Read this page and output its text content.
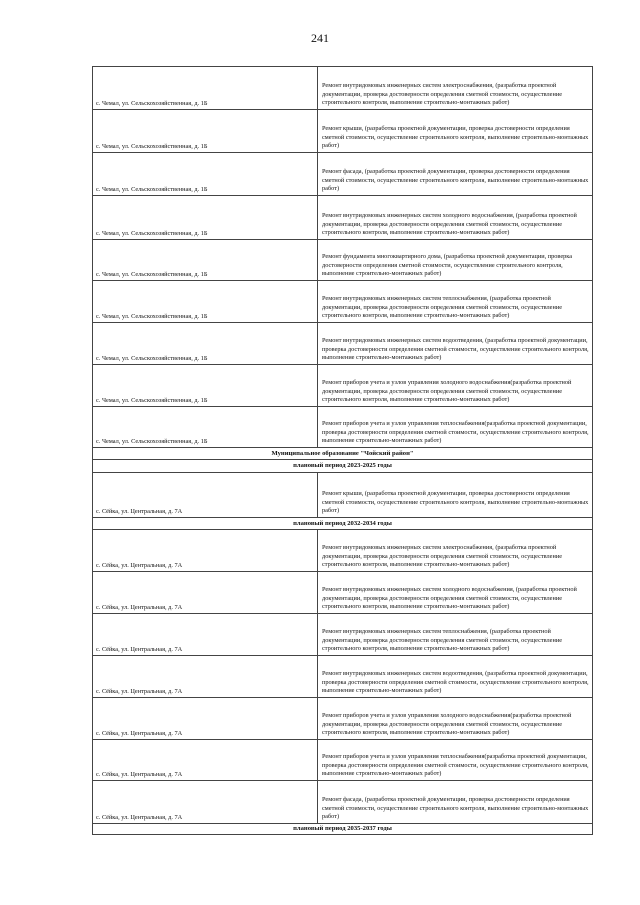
241
с. Чемал, ул. Сельскохозяйственная, д. 1Б	Ремонт внутридомовых инженерных систем электроснабжения, (разработка проектной документации, проверка достоверности определения сметной стоимости, осуществление строительного контроля, выполнение строительно-монтажных работ)
с. Чемал, ул. Сельскохозяйственная, д. 1Б	Ремонт крыши, (разработка проектной документации, проверка достоверности определения сметной стоимости, осуществление строительного контроля, выполнение строительно-монтажных работ)
с. Чемал, ул. Сельскохозяйственная, д. 1Б	Ремонт фасада, (разработка проектной документации, проверка достоверности определения сметной стоимости, осуществление строительного контроля, выполнение строительно-монтажных работ)
с. Чемал, ул. Сельскохозяйственная, д. 1Б	Ремонт внутридомовых инженерных систем холодного водоснабжения, (разработка проектной документации, проверка достоверности определения сметной стоимости, осуществление строительного контроля, выполнение строительно-монтажных работ)
с. Чемал, ул. Сельскохозяйственная, д. 1Б	Ремонт фундамента многоквартирного дома, (разработка проектной документации, проверка достоверности определения сметной стоимости, осуществление строительного контроля, выполнение строительно-монтажных работ)
с. Чемал, ул. Сельскохозяйственная, д. 1Б	Ремонт внутридомовых инженерных систем теплоснабжения, (разработка проектной документации, проверка достоверности определения сметной стоимости, осуществление строительного контроля, выполнение строительно-монтажных работ)
с. Чемал, ул. Сельскохозяйственная, д. 1Б	Ремонт внутридомовых инженерных систем водоотведения, (разработка проектной документации, проверка достоверности определения сметной стоимости, осуществление строительного контроля, выполнение строительно-монтажных работ)
с. Чемал, ул. Сельскохозяйственная, д. 1Б	Ремонт приборов учета и узлов управления холодного водоснабжения(разработка проектной документации, проверка достоверности определения сметной стоимости, осуществление строительного контроля, выполнение строительно-монтажных работ)
с. Чемал, ул. Сельскохозяйственная, д. 1Б	Ремонт приборов учета и узлов управления теплоснабжения(разработка проектной документации, проверка достоверности определения сметной стоимости, осуществление строительного контроля, выполнение строительно-монтажных работ)
Муниципальное образование "Чойский район"	
плановый период 2023-2025 годы	
с. Сёйка, ул. Центральная, д. 7А	Ремонт крыши, (разработка проектной документации, проверка достоверности определения сметной стоимости, осуществление строительного контроля, выполнение строительно-монтажных работ)
плановый период 2032-2034 годы	
с. Сёйка, ул. Центральная, д. 7А	Ремонт внутридомовых инженерных систем электроснабжения, (разработка проектной документации, проверка достоверности определения сметной стоимости, осуществление строительного контроля, выполнение строительно-монтажных работ)
с. Сёйка, ул. Центральная, д. 7А	Ремонт внутридомовых инженерных систем холодного водоснабжения, (разработка проектной документации, проверка достоверности определения сметной стоимости, осуществление строительного контроля, выполнение строительно-монтажных работ)
с. Сёйка, ул. Центральная, д. 7А	Ремонт внутридомовых инженерных систем теплоснабжения, (разработка проектной документации, проверка достоверности определения сметной стоимости, осуществление строительного контроля, выполнение строительно-монтажных работ)
с. Сёйка, ул. Центральная, д. 7А	Ремонт внутридомовых инженерных систем водоотведения, (разработка проектной документации, проверка достоверности определения сметной стоимости, осуществление строительного контроля, выполнение строительно-монтажных работ)
с. Сёйка, ул. Центральная, д. 7А	Ремонт приборов учета и узлов управления холодного водоснабжения(разработка проектной документации, проверка достоверности определения сметной стоимости, осуществление строительного контроля, выполнение строительно-монтажных работ)
с. Сёйка, ул. Центральная, д. 7А	Ремонт приборов учета и узлов управления теплоснабжения(разработка проектной документации, проверка достоверности определения сметной стоимости, осуществление строительного контроля, выполнение строительно-монтажных работ)
с. Сёйка, ул. Центральная, д. 7А	Ремонт фасада, (разработка проектной документации, проверка достоверности определения сметной стоимости, осуществление строительного контроля, выполнение строительно-монтажных работ)
плановый период 2035-2037 годы	
